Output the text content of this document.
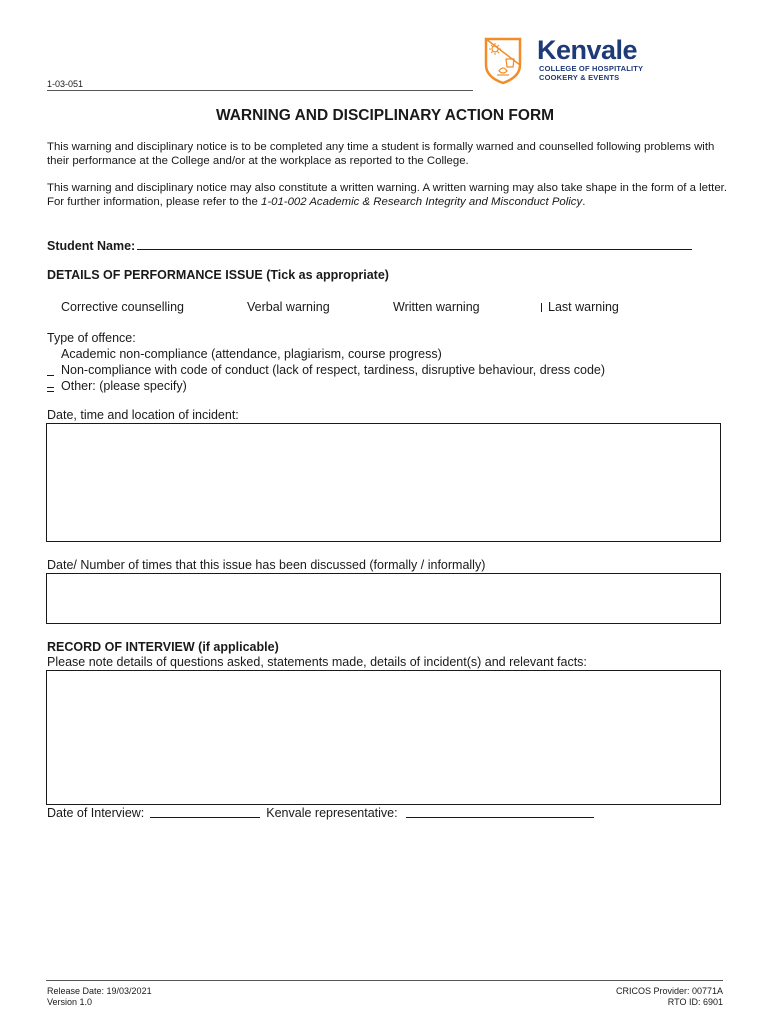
1-03-051
Kenvale
COLLEGE OF HOSPITALITY
COOKERY & EVENTS
WARNING AND DISCIPLINARY ACTION FORM
This warning and disciplinary notice is to be completed any time a student is formally warned and counselled following problems with their performance at the College and/or at the workplace as reported to the College.
This warning and disciplinary notice may also constitute a written warning. A written warning may also take shape in the form of a letter. For further information, please refer to the 1-01-002 Academic & Research Integrity and Misconduct Policy.
Student Name:
DETAILS OF PERFORMANCE ISSUE (Tick as appropriate)
Corrective counselling	Verbal warning	Written warning	Last warning
Type of offence:
Academic non-compliance (attendance, plagiarism, course progress)
Non-compliance with code of conduct (lack of respect, tardiness, disruptive behaviour, dress code)
Other: (please specify)
Date, time and location of incident:
Date/ Number of times that this issue has been discussed (formally / informally)
RECORD OF INTERVIEW (if applicable)
Please note details of questions asked, statements made, details of incident(s) and relevant facts:
Date of Interview:	Kenvale representative:
Release Date: 19/03/2021
Version 1.0
CRICOS Provider: 00771A
RTO ID: 6901
